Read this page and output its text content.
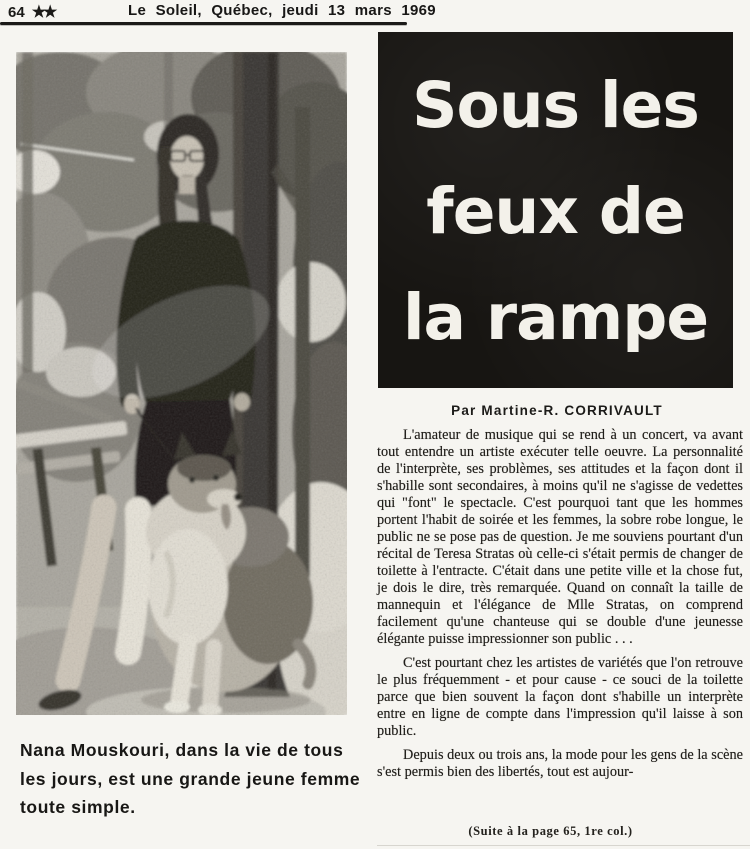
64 ★★	Le Soleil, Québec, jeudi 13 mars 1969
Nana Mouskouri, dans la vie de tous
les jours, est une grande jeune femme
toute simple.
Sous les
feux de
la rampe
Par Martine-R. CORRIVAULT

L'amateur de musique qui se rend à un concert, va avant tout entendre un artiste exécuter telle oeuvre. La personnalité de l'interprète, ses problèmes, ses attitudes et la façon dont il s'habille sont secondaires, à moins qu'il ne s'agisse de vedettes qui "font" le spectacle. C'est pourquoi tant que les hommes portent l'habit de soirée et les femmes, la sobre robe longue, le public ne se pose pas de question. Je me souviens pourtant d'un récital de Teresa Stratas où celle-ci s'était permis de changer de toilette à l'entracte. C'était dans une petite ville et la chose fut, je dois le dire, très remarquée. Quand on connaît la taille de mannequin et l'élégance de Mlle Stratas, on comprend facilement qu'une chanteuse qui se double d'une jeunesse élégante puisse impressionner son public . . .

C'est pourtant chez les artistes de variétés que l'on retrouve le plus fréquemment - et pour cause - ce souci de la toilette parce que bien souvent la façon dont s'habille un interprète entre en ligne de compte dans l'impression qu'il laisse à son public.

Depuis deux ou trois ans, la mode pour les gens de la scène s'est permis bien des libertés, tout est aujour-

(Suite à la page 65, 1re col.)
